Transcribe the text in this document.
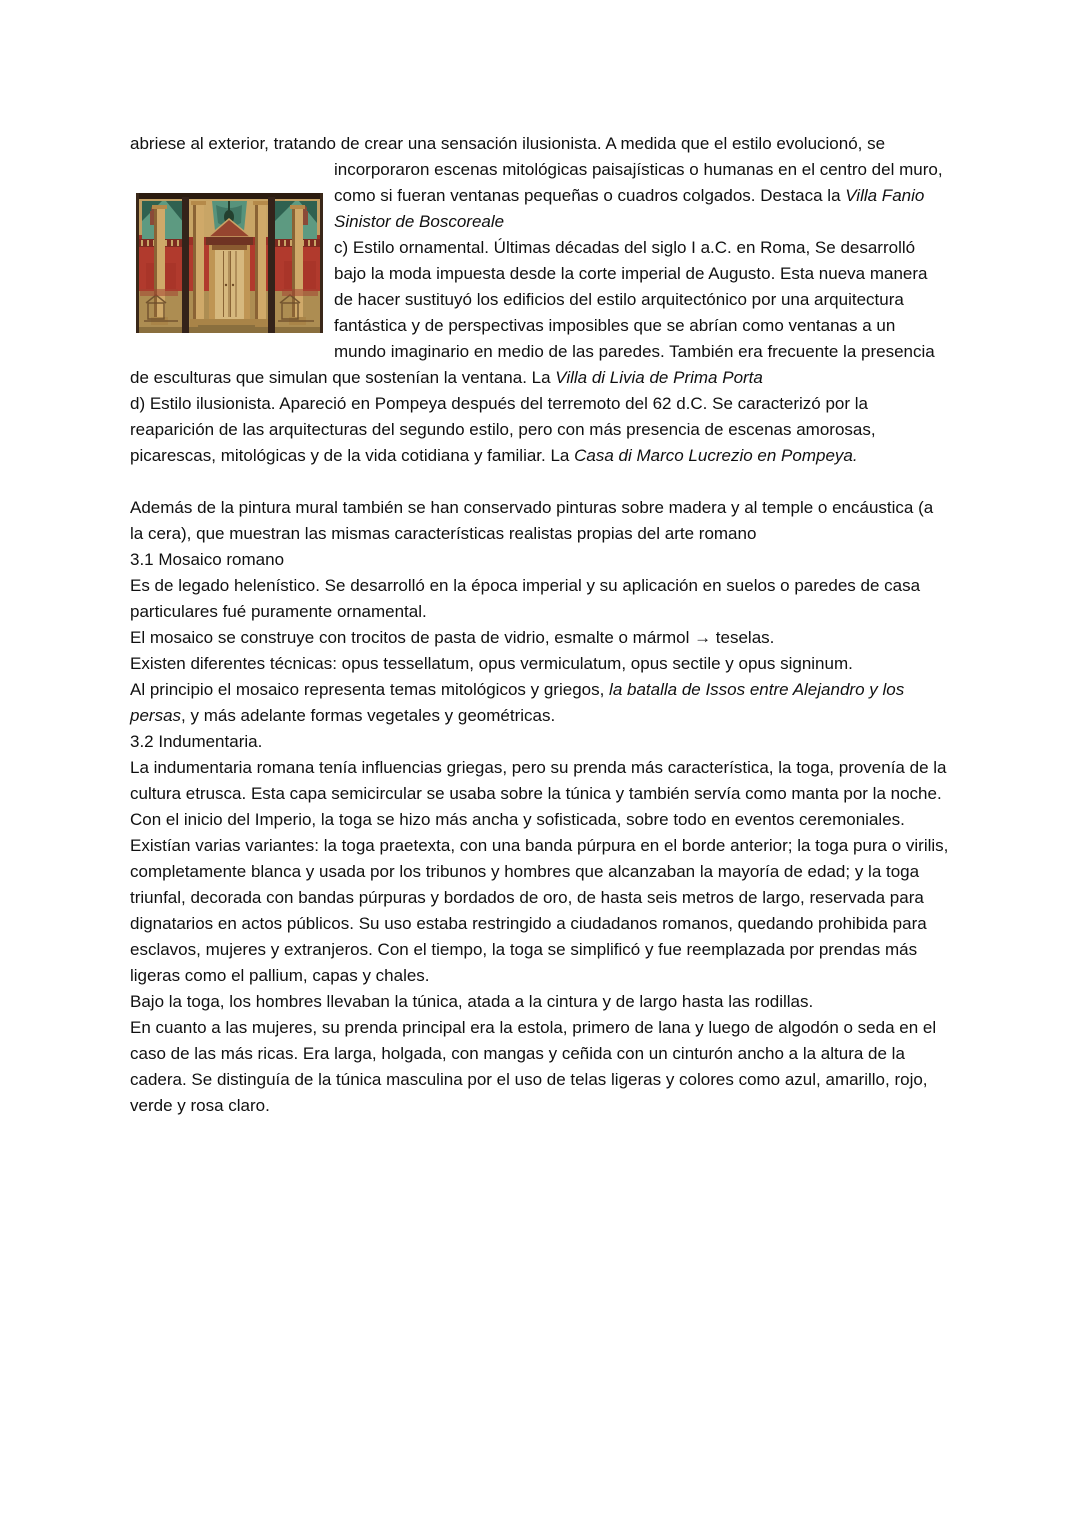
abriese al exterior, tratando de crear una sensación ilusionista. A medida que el estilo
evolucionó, se incorporaron escenas mitológicas paisajísticas o humanas en el centro del muro, como si fueran ventanas pequeñas o cuadros colgados. Destaca la Villa Fanio Sinistor de Boscoreale
c) Estilo ornamental. Últimas décadas del siglo I a.C. en Roma, Se desarrolló bajo la moda impuesta desde la corte imperial de Augusto. Esta nueva manera de hacer sustituyó los edificios del estilo arquitectónico por una arquitectura fantástica y de perspectivas imposibles que se abrían como ventanas a un mundo imaginario en medio de las paredes. También era frecuente la presencia de esculturas que simulan que sostenían la ventana. La Villa di Livia de Prima Porta
d) Estilo ilusionista. Apareció en Pompeya después del terremoto del 62 d.C. Se caracterizó por la reaparición de las arquitecturas del segundo estilo, pero con más presencia de escenas amorosas, picarescas, mitológicas y de la vida cotidiana y familiar. La Casa di Marco Lucrezio en Pompeya.

Además de la pintura mural también se han conservado pinturas sobre madera y al temple o encáustica (a la cera), que muestran las mismas características realistas propias del arte romano

3.1 Mosaico romano

Es de legado helenístico. Se desarrolló en la época imperial y su aplicación en suelos o paredes de casa particulares fué puramente ornamental.

El mosaico se construye con trocitos de pasta de vidrio, esmalte o mármol → teselas.

Existen diferentes técnicas: opus tessellatum, opus vermiculatum, opus sectile y opus signinum.

Al principio el mosaico representa temas mitológicos y griegos, la batalla de Issos entre Alejandro y los persas, y más adelante formas vegetales y geométricas.

3.2 Indumentaria.

La indumentaria romana tenía influencias griegas, pero su prenda más característica, la toga, provenía de la cultura etrusca. Esta capa semicircular se usaba sobre la túnica y también servía como manta por la noche. Con el inicio del Imperio, la toga se hizo más ancha y sofisticada, sobre todo en eventos ceremoniales.

Existían varias variantes: la toga praetexta, con una banda púrpura en el borde anterior; la toga pura o virilis, completamente blanca y usada por los tribunos y hombres que alcanzaban la mayoría de edad; y la toga triunfal, decorada con bandas púrpuras y bordados de oro, de hasta seis metros de largo, reservada para dignatarios en actos públicos. Su uso estaba restringido a ciudadanos romanos, quedando prohibida para esclavos, mujeres y extranjeros. Con el tiempo, la toga se simplificó y fue reemplazada por prendas más ligeras como el pallium, capas y chales.

Bajo la toga, los hombres llevaban la túnica, atada a la cintura y de largo hasta las rodillas.

En cuanto a las mujeres, su prenda principal era la estola, primero de lana y luego de algodón o seda en el caso de las más ricas. Era larga, holgada, con mangas y ceñida con un cinturón ancho a la altura de la cadera. Se distinguía de la túnica masculina por el uso de telas ligeras y colores como azul, amarillo, rojo, verde y rosa claro.
